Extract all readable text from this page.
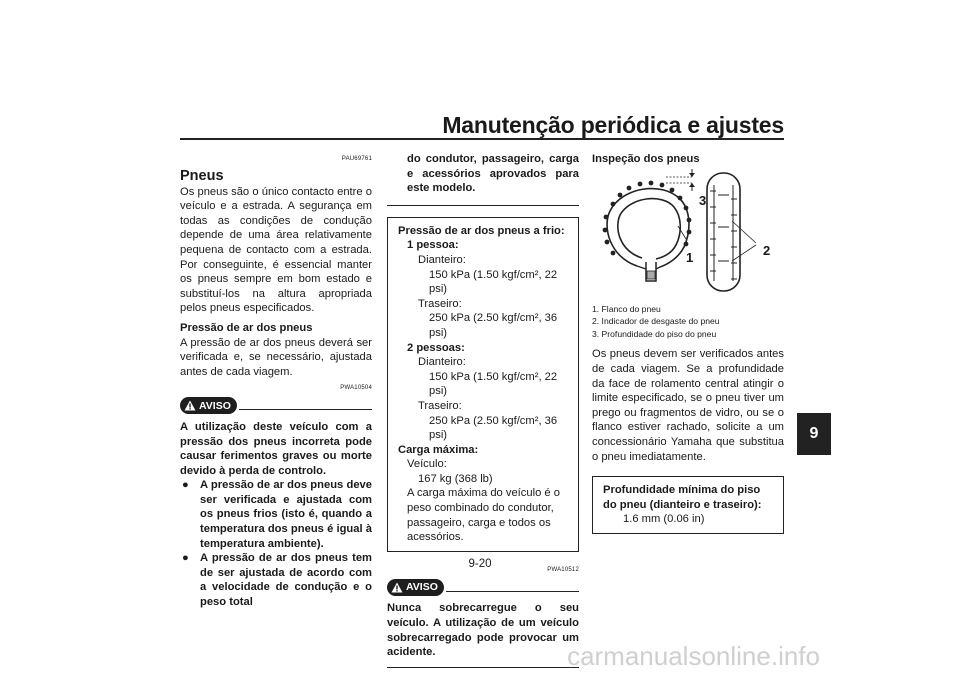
Manutenção periódica e ajustes
9
PAU69761
Pneus
Os pneus são o único contacto entre o veículo e a estrada. A segurança em todas as condições de condução depende de uma área relativamente pequena de contacto com a estrada. Por conseguinte, é essencial manter os pneus sempre em bom estado e substituí-los na altura apropriada pelos pneus especificados.
Pressão de ar dos pneus
A pressão de ar dos pneus deverá ser verificada e, se necessário, ajustada antes de cada viagem.
PWA10504
AVISO
A utilização deste veículo com a pressão dos pneus incorreta pode causar ferimentos graves ou morte devido à perda de controlo.
●	A pressão de ar dos pneus deve ser verificada e ajustada com os pneus frios (isto é, quando a temperatura dos pneus é igual à temperatura ambiente).
●	A pressão de ar dos pneus tem de ser ajustada de acordo com a velocidade de condução e o peso total
do condutor, passageiro, carga e acessórios aprovados para este modelo.
Pressão de ar dos pneus a frio:
1 pessoa:
Dianteiro:
150 kPa (1.50 kgf/cm², 22 psi)
Traseiro:
250 kPa (2.50 kgf/cm², 36 psi)
2 pessoas:
Dianteiro:
150 kPa (1.50 kgf/cm², 22 psi)
Traseiro:
250 kPa (2.50 kgf/cm², 36 psi)
Carga máxima:
Veículo:
167 kg (368 lb)
A carga máxima do veículo é o peso combinado do condutor, passageiro, carga e todos os acessórios.
PWA10512
AVISO
Nunca sobrecarregue o seu veículo. A utilização de um veículo sobrecarregado pode provocar um acidente.
Inspeção dos pneus
3
1	2
1. Flanco do pneu
2. Indicador de desgaste do pneu
3. Profundidade do piso do pneu
Os pneus devem ser verificados antes de cada viagem. Se a profundidade da face de rolamento central atingir o limite especificado, se o pneu tiver um prego ou fragmentos de vidro, ou se o flanco estiver rachado, solicite a um concessionário Yamaha que substitua o pneu imediatamente.
Profundidade mínima do piso do pneu (dianteiro e traseiro):
1.6 mm (0.06 in)
9-20
carmanualsonline.info
